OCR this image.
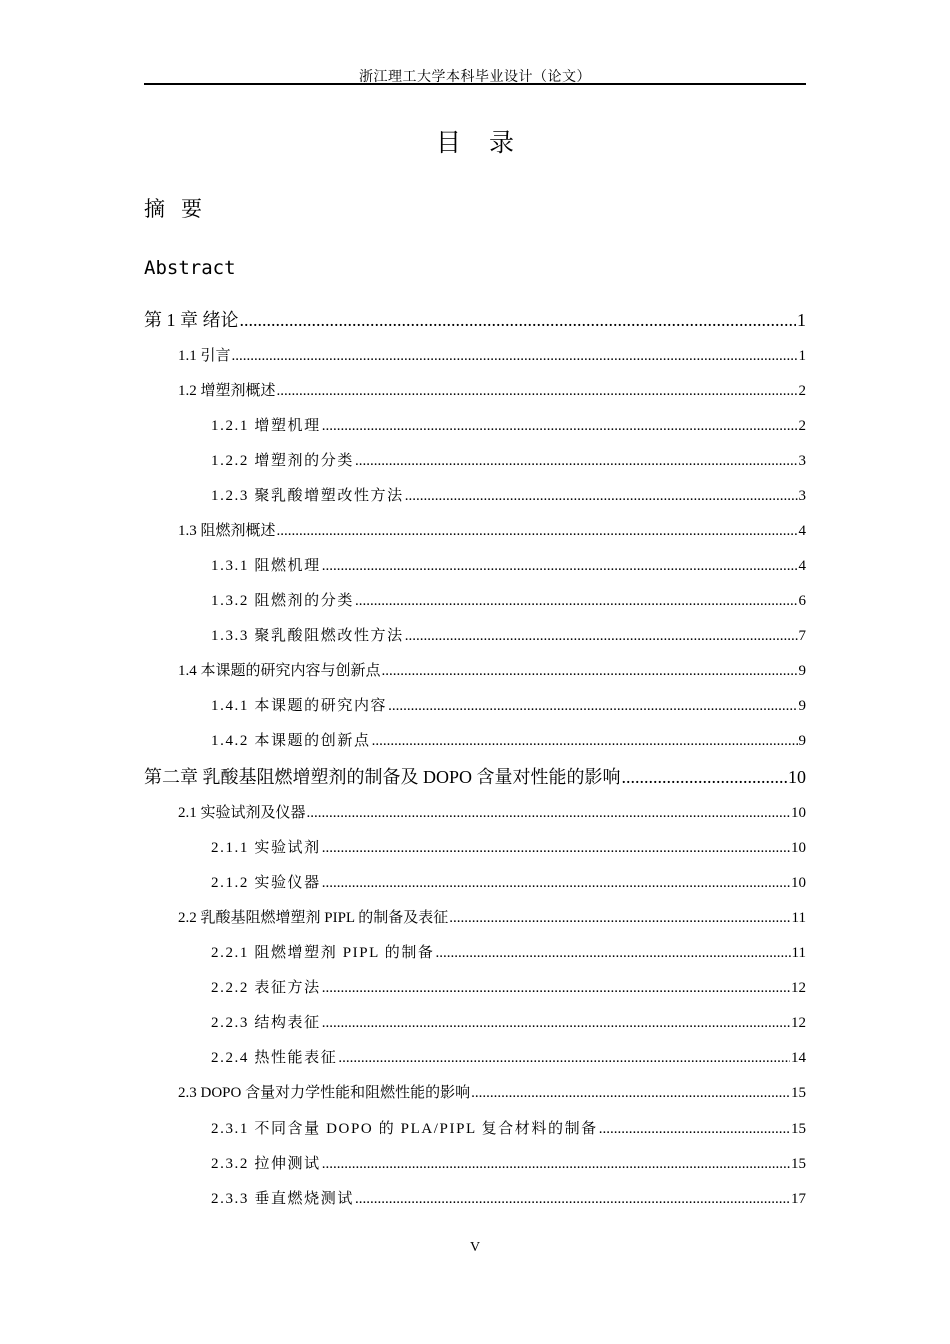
浙江理工大学本科毕业设计（论文）
目录
摘要
Abstract
第 1 章 绪论 .....	1
1.1 引言 .....	1
1.2 增塑剂概述 .....	2
1.2.1 增塑机理 .....	2
1.2.2 增塑剂的分类 .....	3
1.2.3 聚乳酸增塑改性方法 .....	3
1.3 阻燃剂概述 .....	4
1.3.1 阻燃机理 .....	4
1.3.2 阻燃剂的分类 .....	6
1.3.3 聚乳酸阻燃改性方法 .....	7
1.4 本课题的研究内容与创新点 .....	9
1.4.1 本课题的研究内容 .....	9
1.4.2 本课题的创新点 .....	9
第二章 乳酸基阻燃增塑剂的制备及 DOPO 含量对性能的影响 .....	10
2.1 实验试剂及仪器 .....	10
2.1.1 实验试剂 .....	10
2.1.2 实验仪器 .....	10
2.2 乳酸基阻燃增塑剂 PIPL 的制备及表征 .....	11
2.2.1 阻燃增塑剂 PIPL 的制备 .....	11
2.2.2 表征方法 .....	12
2.2.3 结构表征 .....	12
2.2.4 热性能表征 .....	14
2.3 DOPO 含量对力学性能和阻燃性能的影响 .....	15
2.3.1 不同含量 DOPO 的 PLA/PIPL 复合材料的制备 .....	15
2.3.2 拉伸测试 .....	15
2.3.3 垂直燃烧测试 .....	17
V
